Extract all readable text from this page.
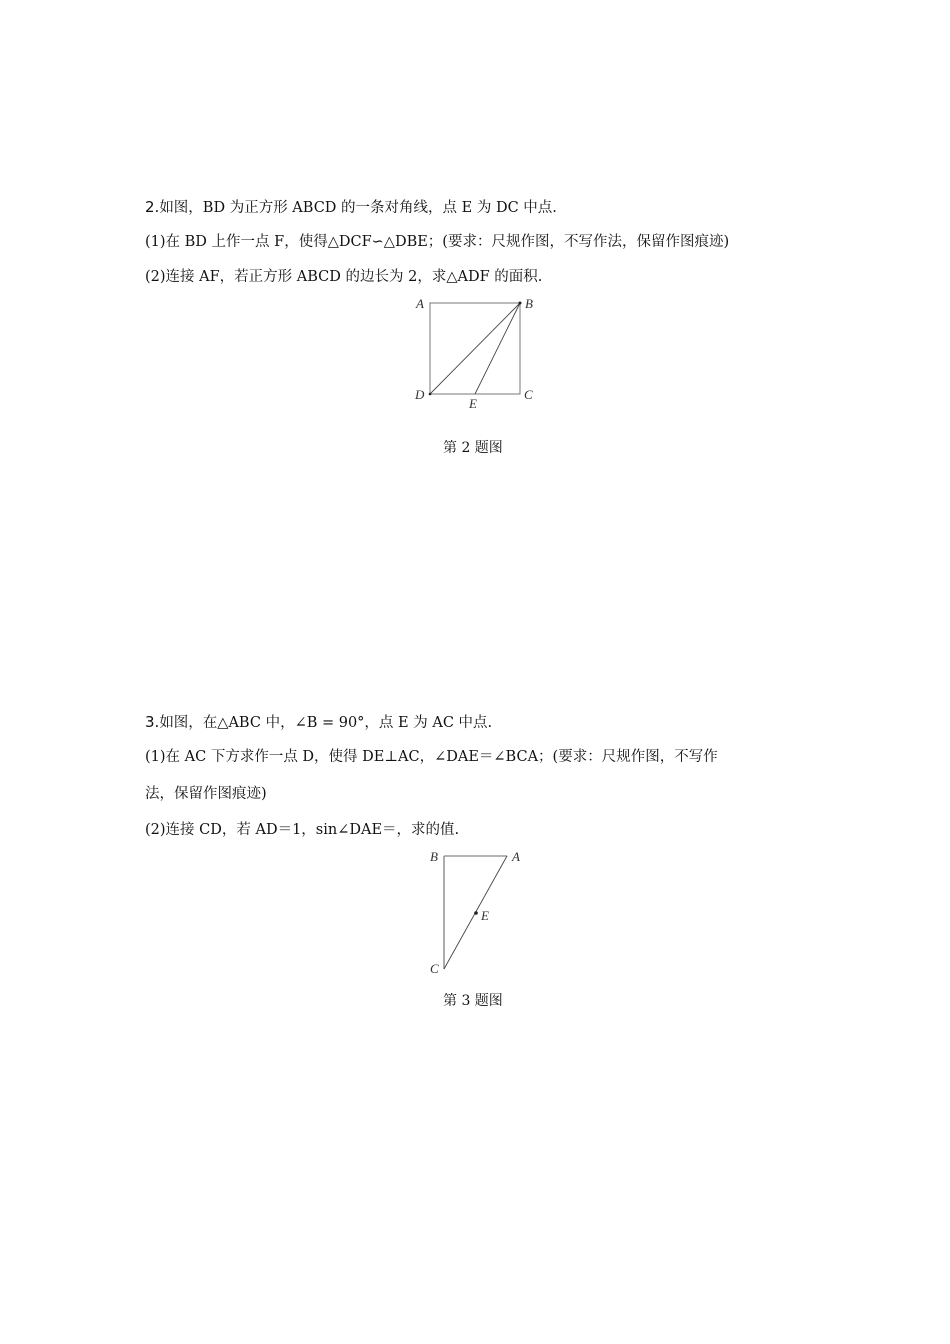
2.如图，BD 为正方形 ABCD 的一条对角线，点 E 为 DC 中点.
(1)在 BD 上作一点 F，使得△DCF∽△DBE；(要求：尺规作图，不写作法，保留作图痕迹)
(2)连接 AF，若正方形 ABCD 的边长为 2，求△ADF 的面积.
A	B
C
D
E
第 2 题图
3.如图，在△ABC 中，∠B = 90°，点 E 为 AC 中点.
(1)在 AC 下方求作一点 D，使得 DE⊥AC，∠DAE＝∠BCA；(要求：尺规作图，不写作
法，保留作图痕迹)
(2)连接 CD，若 AD＝1，sin∠DAE＝，求的值.
B	A
C
E
第 3 题图
